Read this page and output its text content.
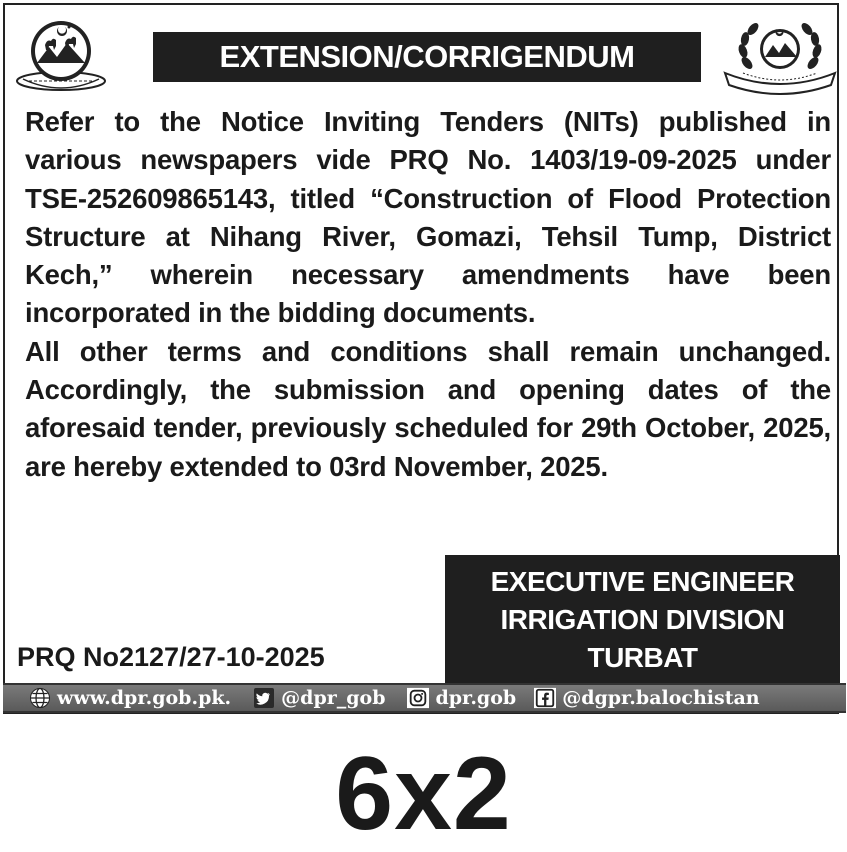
EXTENSION/CORRIGENDUM

Refer to the Notice Inviting Tenders (NITs) published in various newspapers vide PRQ No. 1403/19-09-2025 under TSE-252609865143, titled “Construction of Flood Protection Structure at Nihang River, Gomazi, Tehsil Tump, District Kech,” wherein necessary amendments have been incorporated in the bidding documents.

All other terms and conditions shall remain unchanged. Accordingly, the submission and opening dates of the aforesaid tender, previously scheduled for 29th October, 2025, are hereby extended to 03rd November, 2025.

PRQ No2127/27-10-2025
EXECUTIVE ENGINEER
IRRIGATION DIVISION
TURBAT
www.dpr.gob.pk.	@dpr_gob	dpr.gob @dgpr.balochistan
6x2
